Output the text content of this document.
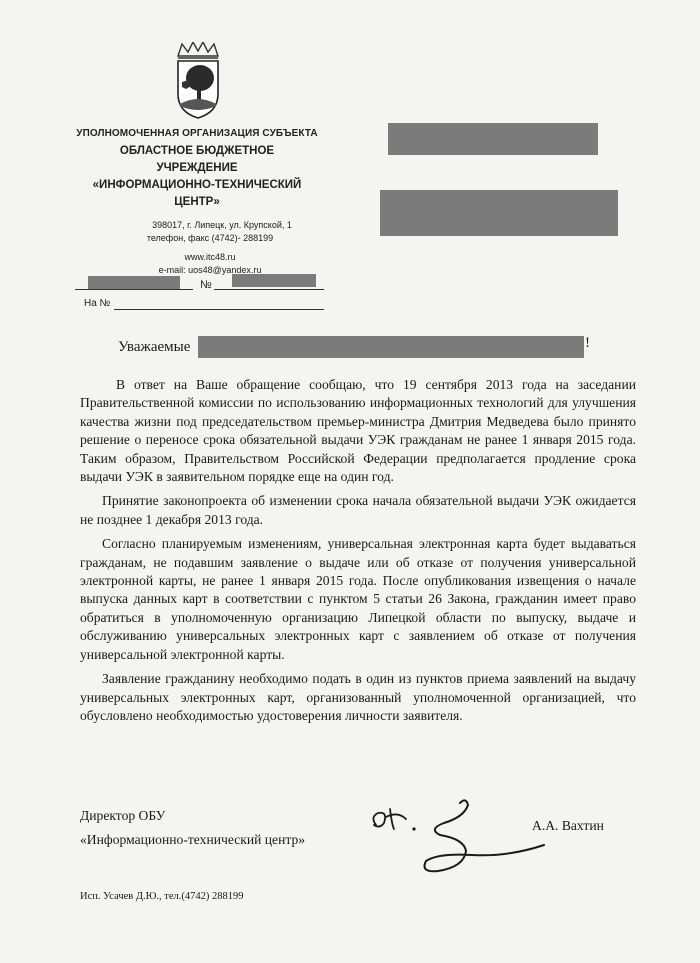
УПОЛНОМОЧЕННАЯ ОРГАНИЗАЦИЯ СУБЪЕКТА
ОБЛАСТНОЕ БЮДЖЕТНОЕ
УЧРЕЖДЕНИЕ
«ИНФОРМАЦИОННО-ТЕХНИЧЕСКИЙ
ЦЕНТР»
398017, г. Липецк, ул. Крупской, 1
телефон, факс (4742)- 288199
www.itc48.ru
e-mail: uos48@yandex.ru
№
На №
Уважаемые	!

В ответ на Ваше обращение сообщаю, что 19 сентября 2013 года на заседании Правительственной комиссии по использованию информационных технологий для улучшения качества жизни под председательством премьер-министра Дмитрия Медведева было принято решение о переносе срока обязательной выдачи УЭК гражданам не ранее 1 января 2015 года. Таким образом, Правительством Российской Федерации предполагается продление срока выдачи УЭК в заявительном порядке еще на один год.

Принятие законопроекта об изменении срока начала обязательной выдачи УЭК ожидается не позднее 1 декабря 2013 года.

Согласно планируемым изменениям, универсальная электронная карта будет выдаваться гражданам, не подавшим заявление о выдаче или об отказе от получения универсальной электронной карты, не ранее 1 января 2015 года. После опубликования извещения о начале выпуска данных карт в соответствии с пунктом 5 статьи 26 Закона, гражданин имеет право обратиться в уполномоченную организацию Липецкой области по выпуску, выдаче и обслуживанию универсальных электронных карт с заявлением об отказе от получения универсальной электронной карты.

Заявление гражданину необходимо подать в один из пунктов приема заявлений на выдачу универсальных электронных карт, организованный уполномоченной организацией, что обусловлено необходимостью удостоверения личности заявителя.

Директор ОБУ
«Информационно-технический центр»
А.А. Вахтин
Исп. Усачев Д.Ю., тел.(4742) 288199
